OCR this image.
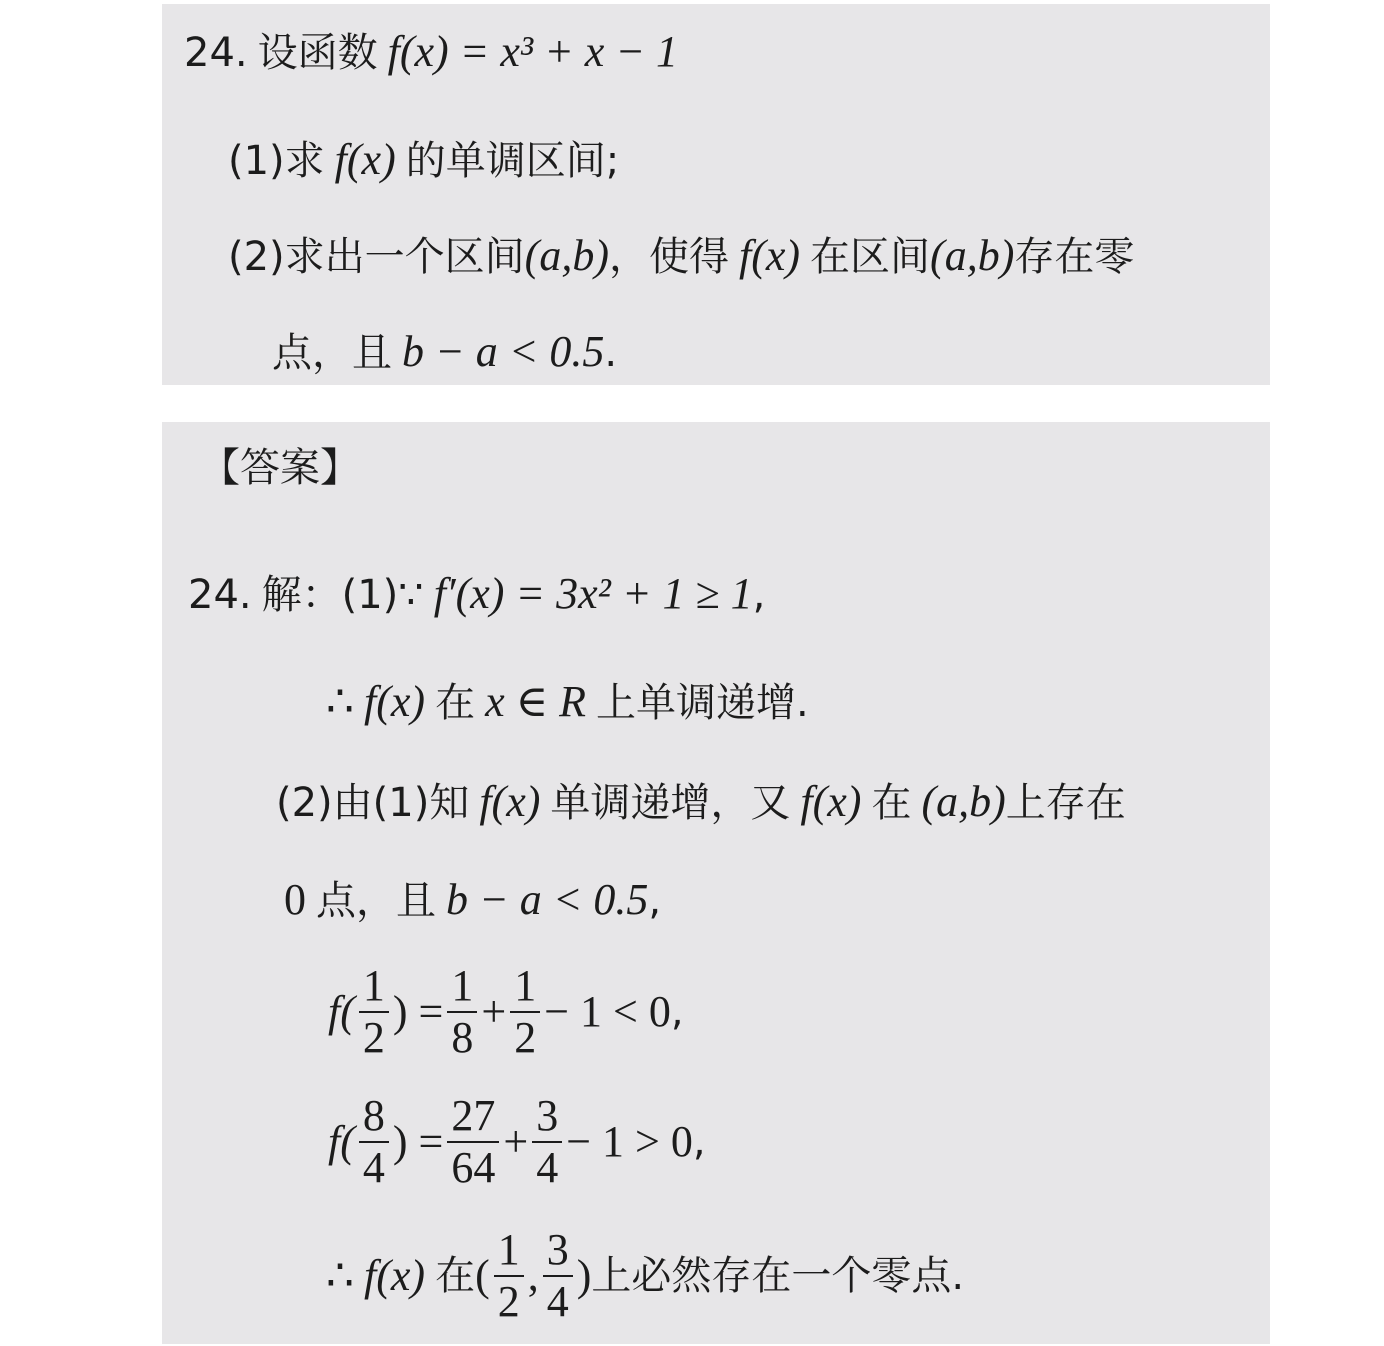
24. 设函数 f(x) = x³ + x − 1
(1)求 f(x) 的单调区间;
(2)求出一个区间 (a,b) ，使得 f(x) 在区间 (a,b) 存在零
点，且 b − a < 0.5 .
【答案】
24. 解：(1)∵ f′(x) = 3x² + 1 ≥ 1 ,
∴ f(x) 在 x ∈ R 上单调递增.
(2)由(1)知 f(x) 单调递增，又 f(x) 在 (a,b) 上存在
0 点，且 b − a < 0.5 ,
$f( \frac{1}{2}$ ) = $\frac{1}{8} + \frac{1}{2} - 1 < 0$ ,
$f( \frac{8}{4}$ ) = $\frac{27}{64} + \frac{3}{4} - 1 > 0$ ,
∴ f(x) 在 ( $\frac{1}{2}$ , $\frac{3}{4}$ ) 上必然存在一个零点.
